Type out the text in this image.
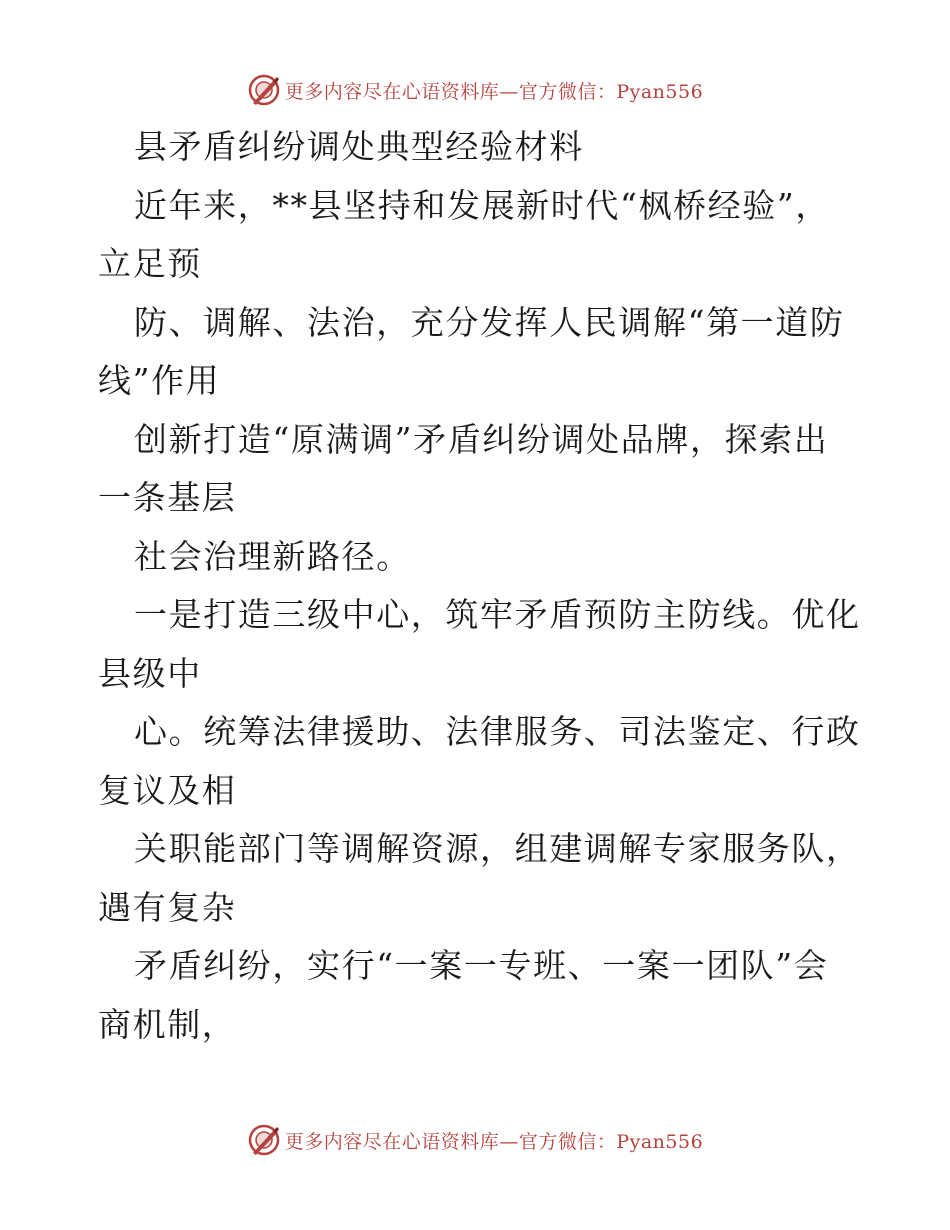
更多内容尽在心语资料库—官方微信：Pyan556
县矛盾纠纷调处典型经验材料
近年来，**县坚持和发展新时代“枫桥经验”，
立足预
防、调解、法治，充分发挥人民调解“第一道防
线”作用
创新打造“原满调”矛盾纠纷调处品牌，探索出
一条基层
社会治理新路径。
一是打造三级中心，筑牢矛盾预防主防线。优化
县级中
心。统筹法律援助、法律服务、司法鉴定、行政
复议及相
关职能部门等调解资源，组建调解专家服务队，
遇有复杂
矛盾纠纷，实行“一案一专班、一案一团队”会
商机制，
更多内容尽在心语资料库—官方微信：Pyan556
